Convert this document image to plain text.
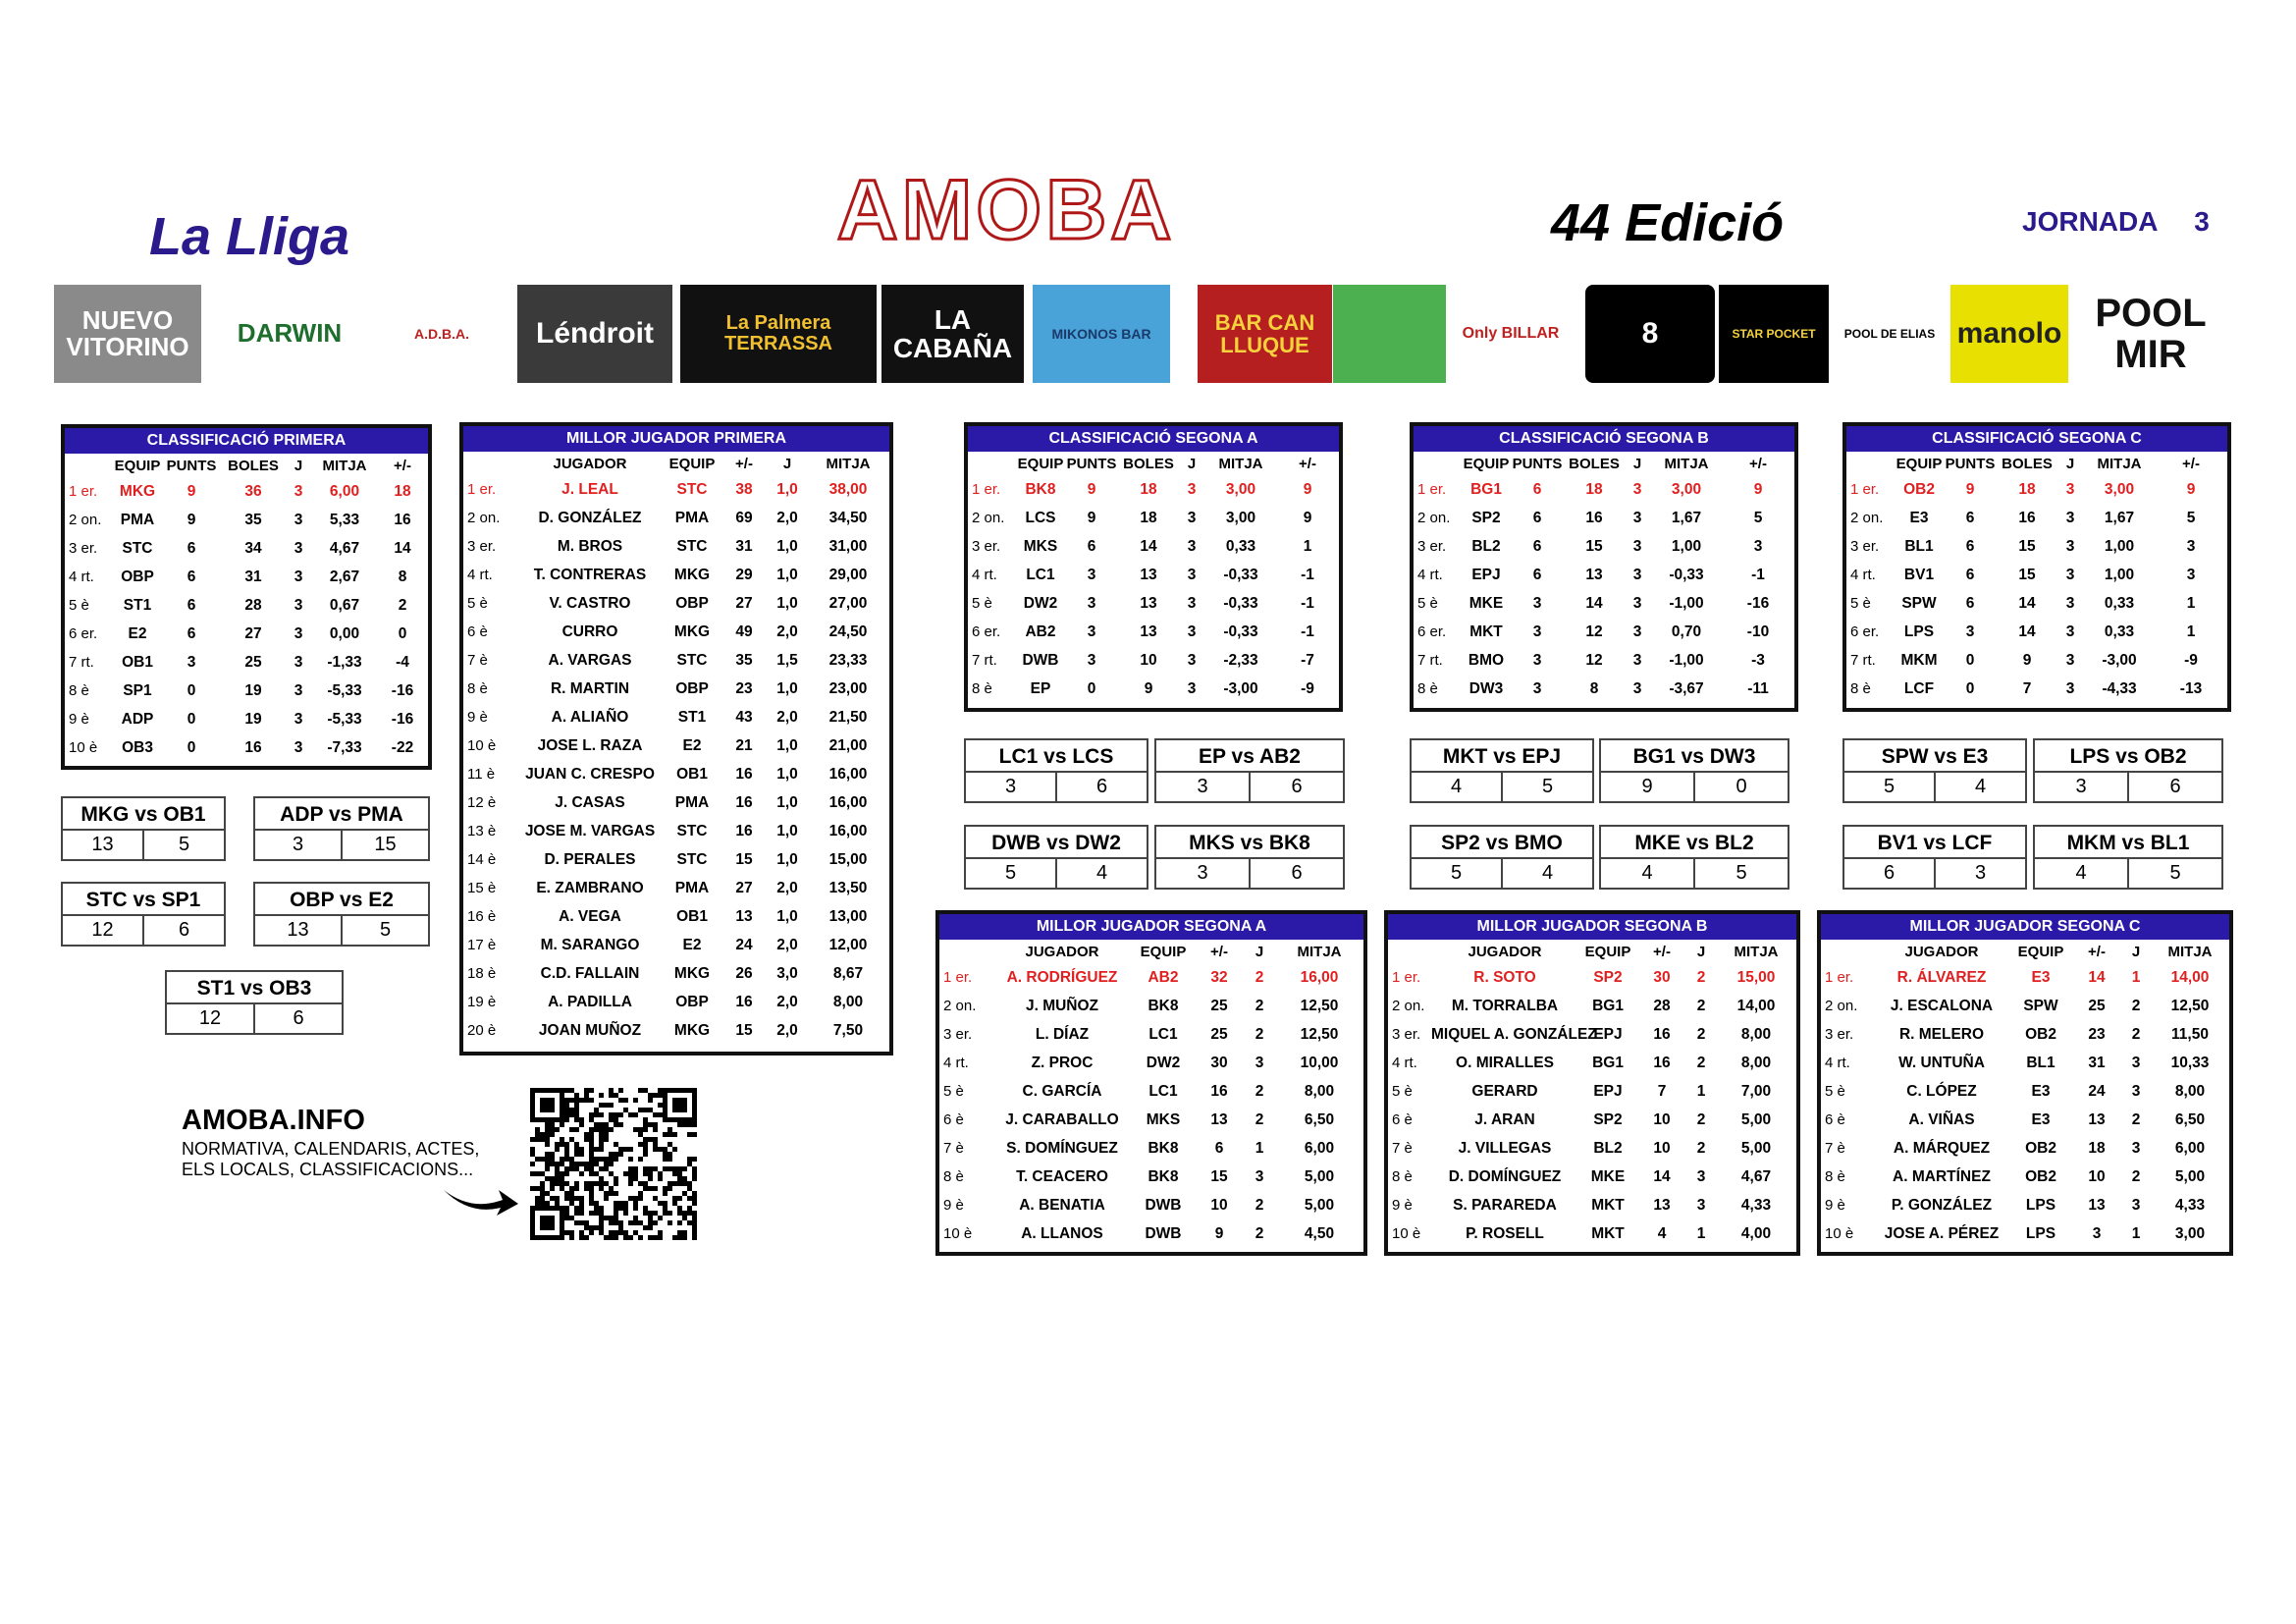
La Lliga	AMOBA	44 Edició	JORNADA 3
NUEVO VITORINO	DARWIN	A.D.B.A.	Léndroit	La Palmera TERRASSA
LA CABAÑA	MIKONOS BAR	BAR CAN LLUQUE	Only BILLAR	8	STAR POCKET	POOL DE ELIAS manolo POOL MIR
CLASSIFICACIÓ PRIMERA
	EQUIP	PUNTS	BOLES	J	MITJA	+/-
1 er.	MKG	9	36	3	6,00	18
2 on.	PMA	9	35	3	5,33	16
3 er.	STC	6	34	3	4,67	14
4 rt.	OBP	6	31	3	2,67	8
5 è	ST1	6	28	3	0,67	2
6 er.	E2	6	27	3	0,00	0
7 rt.	OB1	3	25	3	-1,33	-4
8 è	SP1	0	19	3	-5,33	-16
9 è	ADP	0	19	3	-5,33	-16
10 è	OB3	0	16	3	-7,33	-22
MKG vs OB1
13	5
ADP vs PMA
3	15
STC vs SP1
12	6
OBP vs E2
13	5
ST1 vs OB3
12	6
MILLOR JUGADOR PRIMERA
	JUGADOR	EQUIP	+/-	J	MITJA
1 er.	J. LEAL	STC	38	1,0	38,00
2 on.	D. GONZÁLEZ	PMA	69	2,0	34,50
3 er.	M. BROS	STC	31	1,0	31,00
4 rt.	T. CONTRERAS	MKG	29	1,0	29,00
5 è	V. CASTRO	OBP	27	1,0	27,00
6 è	CURRO	MKG	49	2,0	24,50
7 è	A. VARGAS	STC	35	1,5	23,33
8 è	R. MARTIN	OBP	23	1,0	23,00
9 è	A. ALIAÑO	ST1	43	2,0	21,50
10 è	JOSE L. RAZA	E2	21	1,0	21,00
11 è	JUAN C. CRESPO	OB1	16	1,0	16,00
12 è	J. CASAS	PMA	16	1,0	16,00
13 è	JOSE M. VARGAS	STC	16	1,0	16,00
14 è	D. PERALES	STC	15	1,0	15,00
15 è	E. ZAMBRANO	PMA	27	2,0	13,50
16 è	A. VEGA	OB1	13	1,0	13,00
17 è	M. SARANGO	E2	24	2,0	12,00
18 è	C.D. FALLAIN	MKG	26	3,0	8,67
19 è	A. PADILLA	OBP	16	2,0	8,00
20 è	JOAN MUÑOZ	MKG	15	2,0	7,50
CLASSIFICACIÓ SEGONA A
	EQUIP	PUNTS	BOLES	J	MITJA	+/-
1 er.	BK8	9	18	3	3,00	9
2 on.	LCS	9	18	3	3,00	9
3 er.	MKS	6	14	3	0,33	1
4 rt.	LC1	3	13	3	-0,33	-1
5 è	DW2	3	13	3	-0,33	-1
6 er.	AB2	3	13	3	-0,33	-1
7 rt.	DWB	3	10	3	-2,33	-7
8 è	EP	0	9	3	-3,00	-9
CLASSIFICACIÓ SEGONA B
	EQUIP	PUNTS	BOLES	J	MITJA	+/-
1 er.	BG1	6	18	3	3,00	9
2 on.	SP2	6	16	3	1,67	5
3 er.	BL2	6	15	3	1,00	3
4 rt.	EPJ	6	13	3	-0,33	-1
5 è	MKE	3	14	3	-1,00	-16
6 er.	MKT	3	12	3	0,70	-10
7 rt.	BMO	3	12	3	-1,00	-3
8 è	DW3	3	8	3	-3,67	-11
CLASSIFICACIÓ SEGONA C
	EQUIP	PUNTS	BOLES	J	MITJA	+/-
1 er.	OB2	9	18	3	3,00	9
2 on.	E3	6	16	3	1,67	5
3 er.	BL1	6	15	3	1,00	3
4 rt.	BV1	6	15	3	1,00	3
5 è	SPW	6	14	3	0,33	1
6 er.	LPS	3	14	3	0,33	1
7 rt.	MKM	0	9	3	-3,00	-9
8 è	LCF	0	7	3	-4,33	-13
LC1 vs LCS
3	6
EP vs AB2
3	6
DWB vs DW2
5	4
MKS vs BK8
3	6
MKT vs EPJ
4	5
BG1 vs DW3
9	0
SP2 vs BMO
5	4
MKE vs BL2
4	5
SPW vs E3
5	4
LPS vs OB2
3	6
BV1 vs LCF
6	3
MKM vs BL1
4	5
MILLOR JUGADOR SEGONA A
	JUGADOR	EQUIP	+/-	J	MITJA
1 er.	A. RODRÍGUEZ	AB2	32	2	16,00
2 on.	J. MUÑOZ	BK8	25	2	12,50
3 er.	L. DÍAZ	LC1	25	2	12,50
4 rt.	Z. PROC	DW2	30	3	10,00
5 è	C. GARCÍA	LC1	16	2	8,00
6 è	J. CARABALLO	MKS	13	2	6,50
7 è	S. DOMÍNGUEZ	BK8	6	1	6,00
8 è	T. CEACERO	BK8	15	3	5,00
9 è	A. BENATIA	DWB	10	2	5,00
10 è	A. LLANOS	DWB	9	2	4,50
MILLOR JUGADOR SEGONA B
	JUGADOR	EQUIP	+/-	J	MITJA
1 er.	R. SOTO	SP2	30	2	15,00
2 on.	M. TORRALBA	BG1	28	2	14,00
3 er.	MIQUEL A. GONZÁLEZ	EPJ	16	2	8,00
4 rt.	O. MIRALLES	BG1	16	2	8,00
5 è	GERARD	EPJ	7	1	7,00
6 è	J. ARAN	SP2	10	2	5,00
7 è	J. VILLEGAS	BL2	10	2	5,00
8 è	D. DOMÍNGUEZ	MKE	14	3	4,67
9 è	S. PARAREDA	MKT	13	3	4,33
10 è	P. ROSELL	MKT	4	1	4,00
MILLOR JUGADOR SEGONA C
	JUGADOR	EQUIP	+/-	J	MITJA
1 er.	R. ÁLVAREZ	E3	14	1	14,00
2 on.	J. ESCALONA	SPW	25	2	12,50
3 er.	R. MELERO	OB2	23	2	11,50
4 rt.	W. UNTUÑA	BL1	31	3	10,33
5 è	C. LÓPEZ	E3	24	3	8,00
6 è	A. VIÑAS	E3	13	2	6,50
7 è	A. MÁRQUEZ	OB2	18	3	6,00
8 è	A. MARTÍNEZ	OB2	10	2	5,00
9 è	P. GONZÁLEZ	LPS	13	3	4,33
10 è	JOSE A. PÉREZ	LPS	3	1	3,00
AMOBA.INFO
NORMATIVA, CALENDARIS, ACTES, ELS LOCALS, CLASSIFICACIONS...
